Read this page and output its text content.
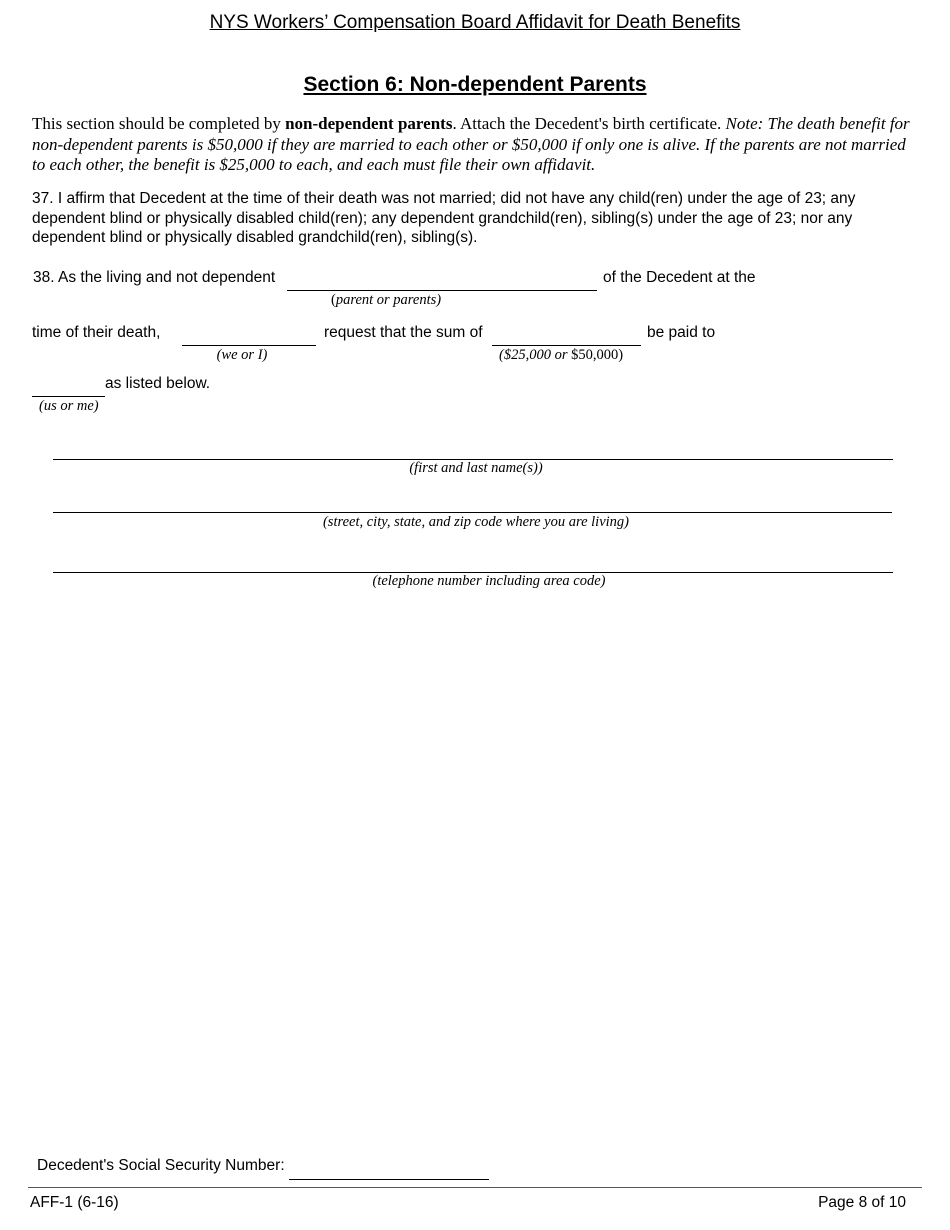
NYS Workers’ Compensation Board Affidavit for Death Benefits
Section 6: Non-dependent Parents
This section should be completed by non-dependent parents. Attach the Decedent's birth certificate. Note: The death benefit for non-dependent parents is $50,000 if they are married to each other or $50,000 if only one is alive. If the parents are not married to each other, the benefit is $25,000 to each, and each must file their own affidavit.
37. I affirm that Decedent at the time of their death was not married; did not have any child(ren) under the age of 23; any dependent blind or physically disabled child(ren); any dependent grandchild(ren), sibling(s) under the age of 23; nor any dependent blind or physically disabled grandchild(ren), sibling(s).
38. As the living and not dependent	of the Decedent at the
(parent or parents)
time of their death,
(we or I)
request that the sum of
($25,000 or $50,000)
be paid to
as listed below.
(us or me)
(first and last name(s))
(street, city, state, and zip code where you are living)
(telephone number including area code)
Decedent's Social Security Number:
AFF-1 (6-16)	Page 8 of 10
